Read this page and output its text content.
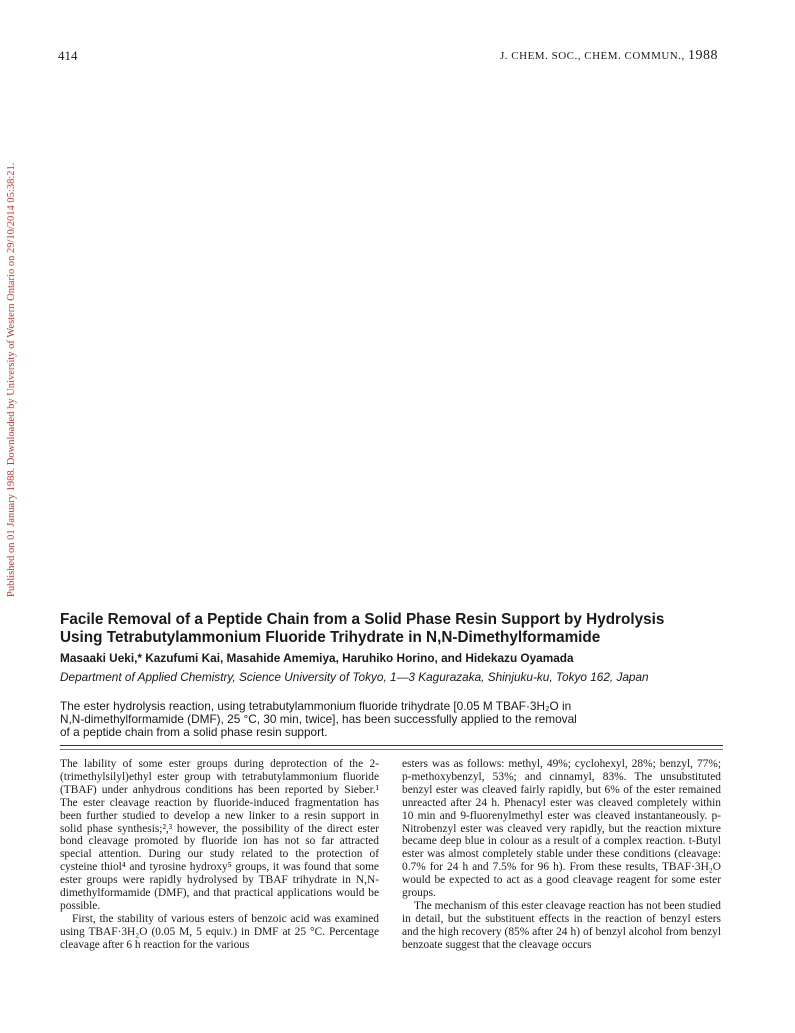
414	J. CHEM. SOC., CHEM. COMMUN., 1988
Published on 01 January 1988. Downloaded by University of Western Ontario on 29/10/2014 05:38:21.
Facile Removal of a Peptide Chain from a Solid Phase Resin Support by Hydrolysis
Using Tetrabutylammonium Fluoride Trihydrate in N,N-Dimethylformamide
Masaaki Ueki,* Kazufumi Kai, Masahide Amemiya, Haruhiko Horino, and Hidekazu Oyamada
Department of Applied Chemistry, Science University of Tokyo, 1—3 Kagurazaka, Shinjuku-ku, Tokyo 162, Japan

The ester hydrolysis reaction, using tetrabutylammonium fluoride trihydrate [0.05 M TBAF·3H₂O in

N,N-dimethylformamide (DMF), 25 °C, 30 min, twice], has been successfully applied to the removal

of a peptide chain from a solid phase resin support.

The lability of some ester groups during deprotection of the 2-(trimethylsilyl)ethyl ester group with tetrabutylammonium fluoride (TBAF) under anhydrous conditions has been reported by Sieber.¹ The ester cleavage reaction by fluoride-induced fragmentation has been further studied to develop a new linker to a resin support in solid phase synthesis;²,³ however, the possibility of the direct ester bond cleavage promoted by fluoride ion has not so far attracted special attention. During our study related to the protection of cysteine thiol⁴ and tyrosine hydroxy⁵ groups, it was found that some ester groups were rapidly hydrolysed by TBAF trihydrate in N,N-dimethylformamide (DMF), and that practical applications would be possible.

First, the stability of various esters of benzoic acid was examined using TBAF·3H₂O (0.05 M, 5 equiv.) in DMF at 25 °C. Percentage cleavage after 6 h reaction for the various

esters was as follows: methyl, 49%; cyclohexyl, 28%; benzyl, 77%; p-methoxybenzyl, 53%; and cinnamyl, 83%. The unsubstituted benzyl ester was cleaved fairly rapidly, but 6% of the ester remained unreacted after 24 h. Phenacyl ester was cleaved completely within 10 min and 9-fluorenylmethyl ester was cleaved instantaneously. p-Nitrobenzyl ester was cleaved very rapidly, but the reaction mixture became deep blue in colour as a result of a complex reaction. t-Butyl ester was almost completely stable under these conditions (cleavage: 0.7% for 24 h and 7.5% for 96 h). From these results, TBAF·3H₂O would be expected to act as a good cleavage reagent for some ester groups.

The mechanism of this ester cleavage reaction has not been studied in detail, but the substituent effects in the reaction of benzyl esters and the high recovery (85% after 24 h) of benzyl alcohol from benzyl benzoate suggest that the cleavage occurs
